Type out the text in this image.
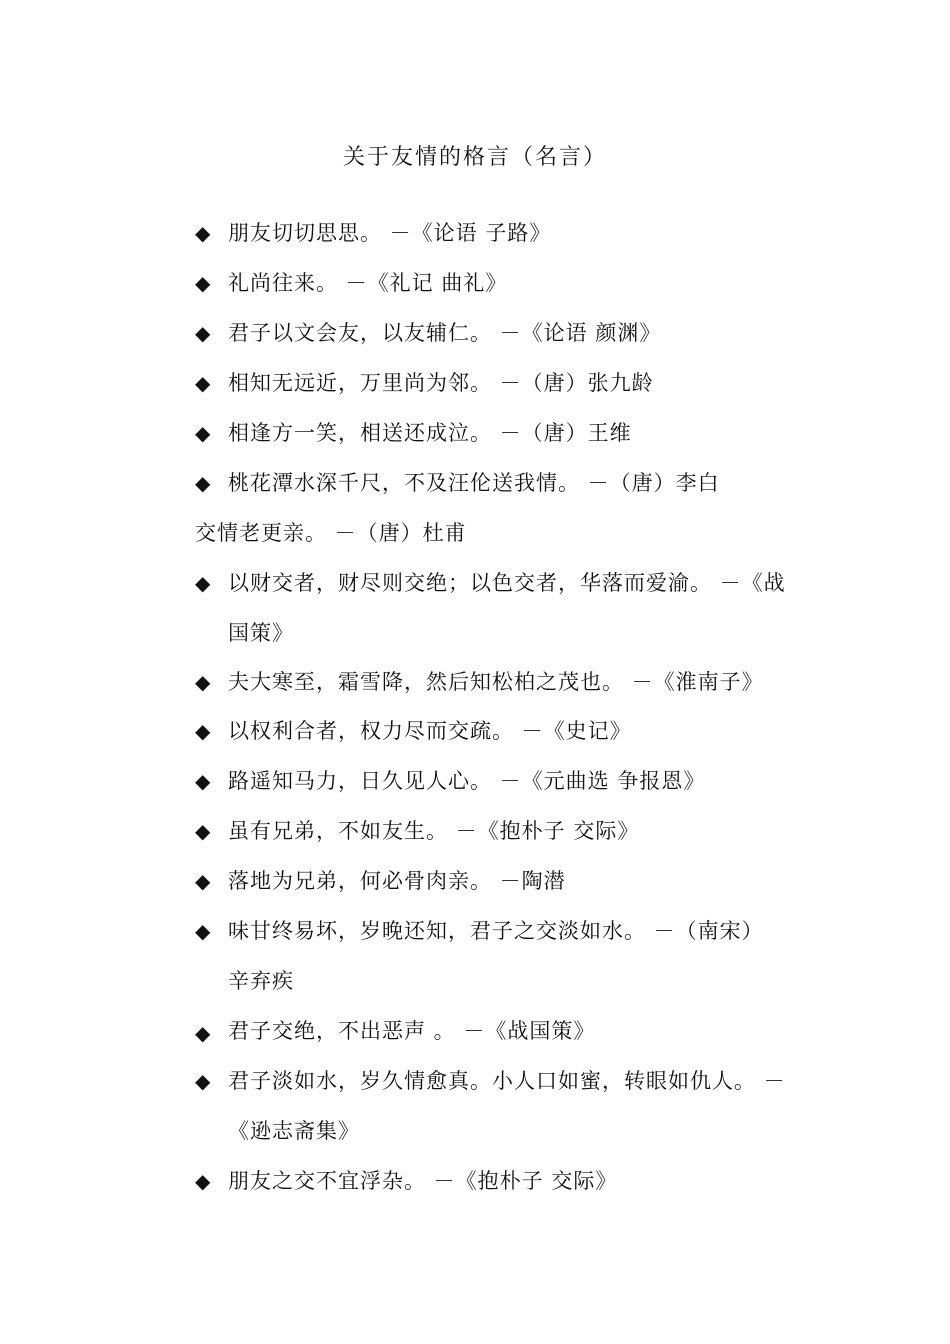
关于友情的格言（名言）
◆ 朋友切切思思。 －《论语 子路》
◆ 礼尚往来。 －《礼记 曲礼》
◆ 君子以文会友，以友辅仁。 －《论语 颜渊》
◆ 相知无远近，万里尚为邻。 －（唐）张九龄
◆ 相逢方一笑，相送还成泣。 －（唐）王维
◆ 桃花潭水深千尺，不及汪伦送我情。 －（唐）李白
交情老更亲。 －（唐）杜甫
◆ 以财交者，财尽则交绝；以色交者，华落而爱渝。 －《战
国策》
◆ 夫大寒至，霜雪降，然后知松柏之茂也。 －《淮南子》
◆ 以权利合者，权力尽而交疏。 －《史记》
◆ 路遥知马力，日久见人心。 －《元曲选 争报恩》
◆ 虽有兄弟，不如友生。 －《抱朴子 交际》
◆ 落地为兄弟，何必骨肉亲。 －陶潜
◆ 味甘终易坏，岁晚还知，君子之交淡如水。 －（南宋）
辛弃疾
◆ 君子交绝，不出恶声 。 －《战国策》
◆ 君子淡如水，岁久情愈真。小人口如蜜，转眼如仇人。 －
《逊志斋集》
◆ 朋友之交不宜浮杂。 －《抱朴子 交际》
